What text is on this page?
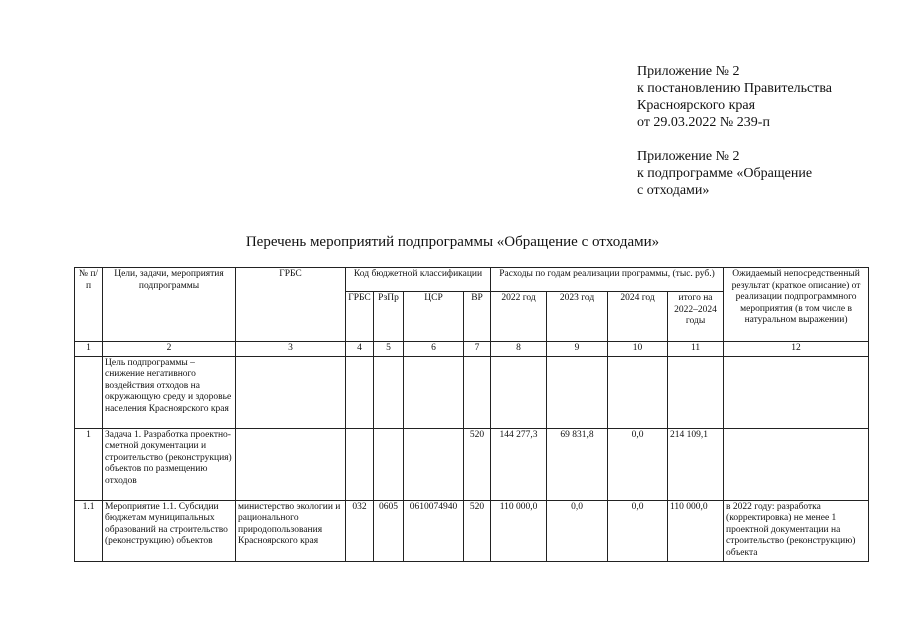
Приложение № 2
к постановлению Правительства
Красноярского края
от 29.03.2022 № 239-п
Приложение № 2
к подпрограмме «Обращение
с отходами»
Перечень мероприятий подпрограммы «Обращение с отходами»
№ п/п	Цели, задачи, мероприятия подпрограммы	ГРБС	Код бюджетной классификации				Расходы по годам реализации программы, (тыс. руб.)				Ожидаемый непосредственный результат (краткое описание) от реализации подпрограммного мероприятия (в том числе в натуральном выражении)
			ГРБС	РзПр	ЦСР	ВР	2022 год	2023 год	2024 год	итого на 2022–2024 годы	
1	2	3	4	5	6	7	8	9	10	11	12
	Цель подпрограммы – снижение негативного воздействия отходов на окружающую среду и здоровье населения Красноярского края										
1	Задача 1. Разработка проектно-сметной документации и строительство (реконструкция) объектов по размещению отходов					520	144 277,3	69 831,8	0,0	214 109,1	
1.1	Мероприятие 1.1. Субсидии бюджетам муниципальных образований на строительство (реконструкцию) объектов	министерство экологии и рационального природопользования Красноярского края	032	0605	0610074940	520	110 000,0	0,0	0,0	110 000,0	в 2022 году: разработка (корректировка) не менее 1 проектной документации на строительство (реконструкцию) объекта
